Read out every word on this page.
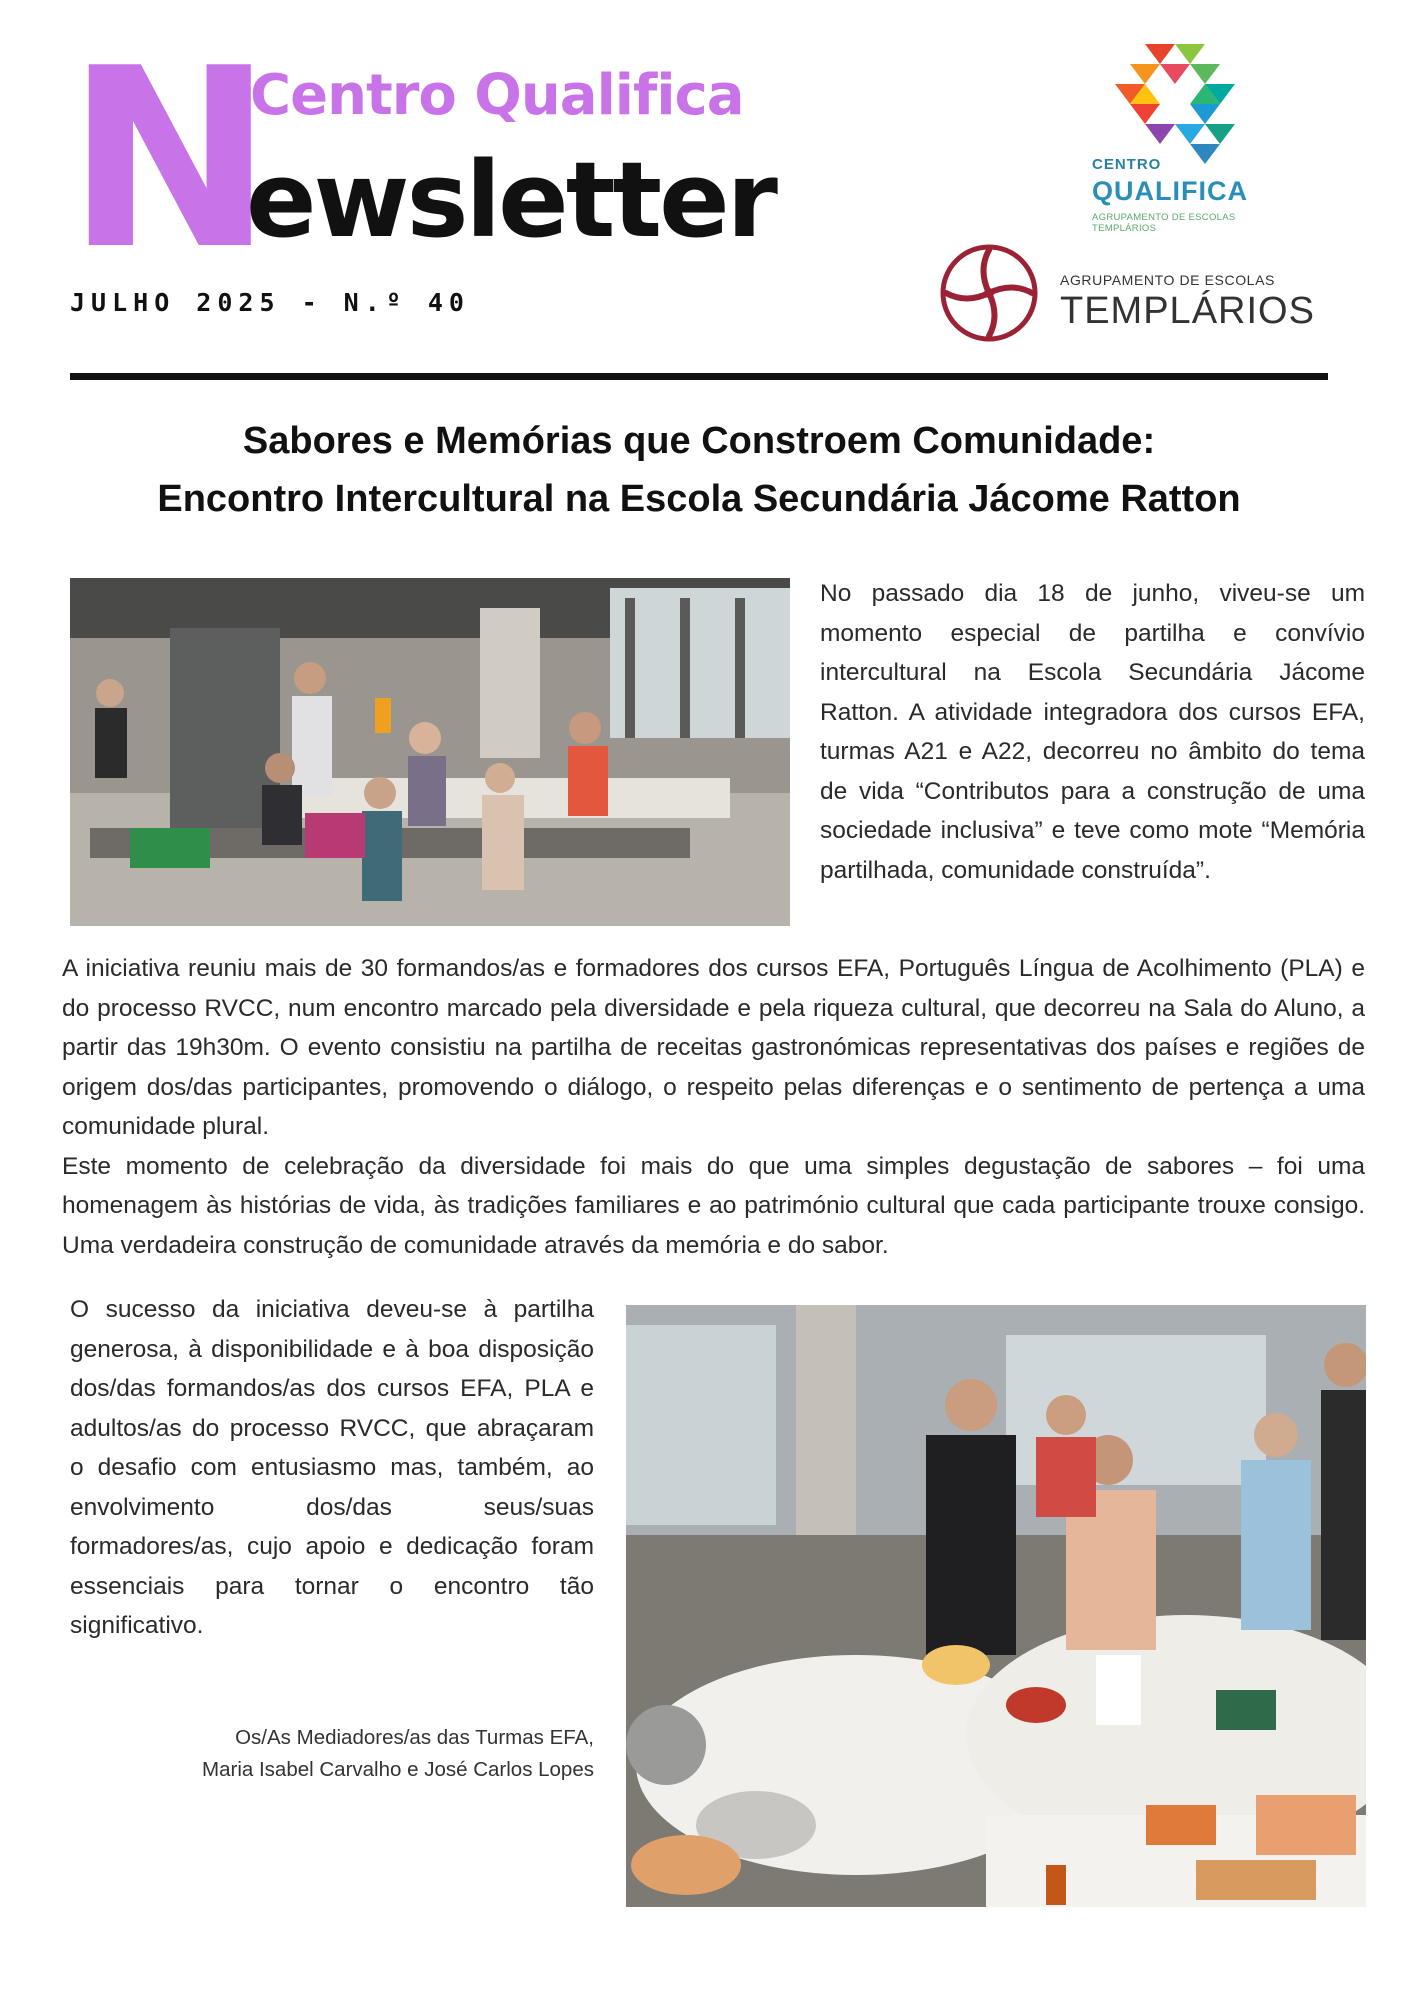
N
Centro Qualifica
ewsletter
JULHO 2025 - N.º 40
CENTRO
QUALIFICA
AGRUPAMENTO DE ESCOLAS TEMPLÁRIOS
AGRUPAMENTO DE ESCOLAS
TEMPLÁRIOS
Sabores e Memórias que Constroem Comunidade:
Encontro Intercultural na Escola Secundária Jácome Ratton
No passado dia 18 de junho, viveu-se um momento especial de partilha e convívio intercultural na Escola Secundária Jácome Ratton. A atividade integradora dos cursos EFA, turmas A21 e A22, decorreu no âmbito do tema de vida “Contributos para a construção de uma sociedade inclusiva” e teve como mote “Memória partilhada, comunidade construída”.

A iniciativa reuniu mais de 30 formandos/as e formadores dos cursos EFA, Português Língua de Acolhimento (PLA) e do processo RVCC, num encontro marcado pela diversidade e pela riqueza cultural, que decorreu na Sala do Aluno, a partir das 19h30m. O evento consistiu na partilha de receitas gastronómicas representativas dos países e regiões de origem dos/das participantes, promovendo o diálogo, o respeito pelas diferenças e o sentimento de pertença a uma comunidade plural.

Este momento de celebração da diversidade foi mais do que uma simples degustação de sabores – foi uma homenagem às histórias de vida, às tradições familiares e ao património cultural que cada participante trouxe consigo. Uma verdadeira construção de comunidade através da memória e do sabor.

O sucesso da iniciativa deveu-se à partilha generosa, à disponibilidade e à boa disposição dos/das formandos/as dos cursos EFA, PLA e adultos/as do processo RVCC, que abraçaram o desafio com entusiasmo mas, também, ao envolvimento dos/das seus/suas formadores/as, cujo apoio e dedicação foram essenciais para tornar o encontro tão significativo.
Os/As Mediadores/as das Turmas EFA,
Maria Isabel Carvalho e José Carlos Lopes
